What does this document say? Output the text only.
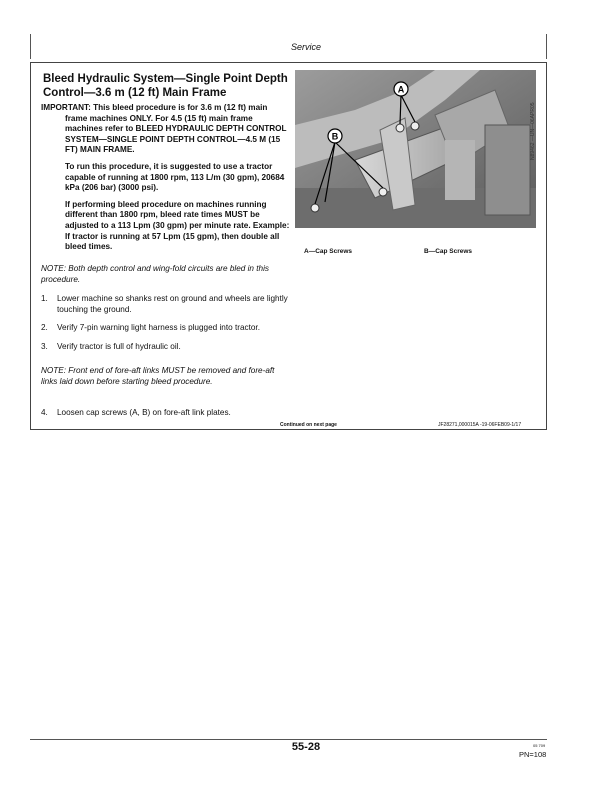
Service
Bleed Hydraulic System—Single Point Depth Control—3.6 m (12 ft) Main Frame

IMPORTANT: This bleed procedure is for 3.6 m (12 ft) main frame machines ONLY. For 4.5 (15 ft) main frame machines refer to BLEED HYDRAULIC DEPTH CONTROL SYSTEM—SINGLE POINT DEPTH CONTROL—4.5 M (15 FT) MAIN FRAME.

To run this procedure, it is suggested to use a tractor capable of running at 1800 rpm, 113 L/m (30 gpm), 20684 kPa (206 bar) (3000 psi).

If performing bleed procedure on machines running different than 1800 rpm, bleed rate times MUST be adjusted to a 113 Lpm (30 gpm) per minute rate. Example: If tractor is running at 57 Lpm (15 gpm), then double all bleed times.

NOTE: Both depth control and wing-fold circuits are bled in this procedure.
1.	Lower machine so shanks rest on ground and wheels are lightly touching the ground.
2.	Verify 7-pin warning light harness is plugged into tractor.
3.	Verify tractor is full of hydraulic oil.
NOTE: Front end of fore-aft links MUST be removed and fore-aft links laid down before starting bleed procedure.
4.	Loosen cap screws (A, B) on fore-aft link plates.
A
B	N89462 —UN—06APR05
A—Cap Screws	B—Cap Screws
Continued on next page	JF28271,000015A -19-06FEB09-1/17
55-28	05 709
PN=108
